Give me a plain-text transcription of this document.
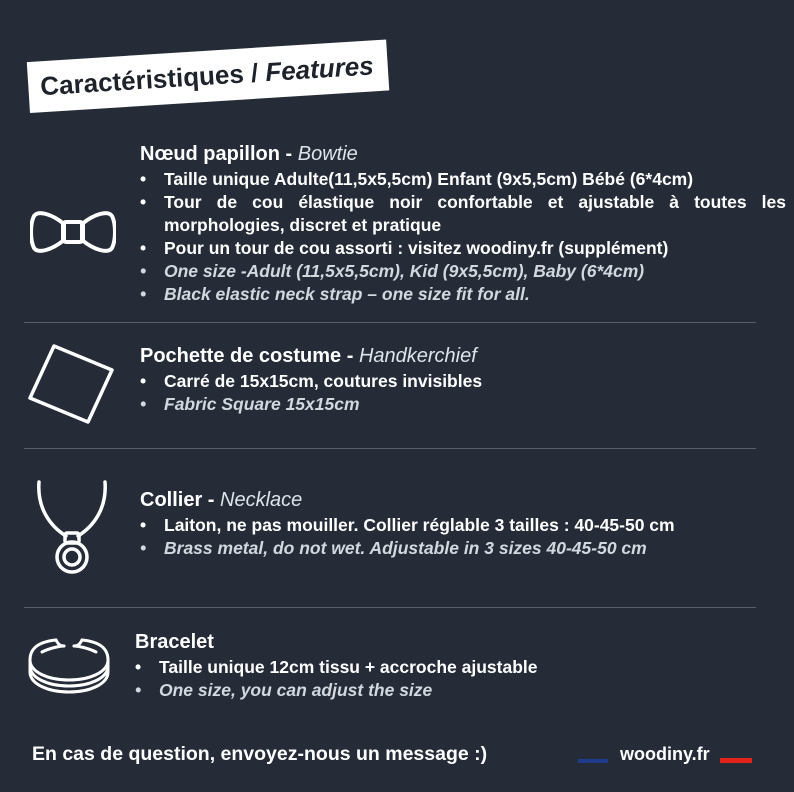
Caractéristiques / Features
Nœud papillon - Bowtie
• Taille unique Adulte(11,5x5,5cm) Enfant (9x5,5cm) Bébé (6*4cm)
• Tour de cou élastique noir confortable et ajustable à toutes les morphologies, discret et pratique
• Pour un tour de cou assorti : visitez woodiny.fr (supplément)
• One size -Adult (11,5x5,5cm), Kid (9x5,5cm), Baby (6*4cm)
• Black elastic neck strap – one size fit for all.
Pochette de costume - Handkerchief
• Carré de 15x15cm, coutures invisibles
• Fabric Square 15x15cm
Collier - Necklace
• Laiton, ne pas mouiller. Collier réglable 3 tailles : 40-45-50 cm
• Brass metal, do not wet. Adjustable in 3 sizes 40-45-50 cm
Bracelet
• Taille unique 12cm tissu + accroche ajustable
• One size, you can adjust the size
En cas de question, envoyez-nous un message :)	woodiny.fr
